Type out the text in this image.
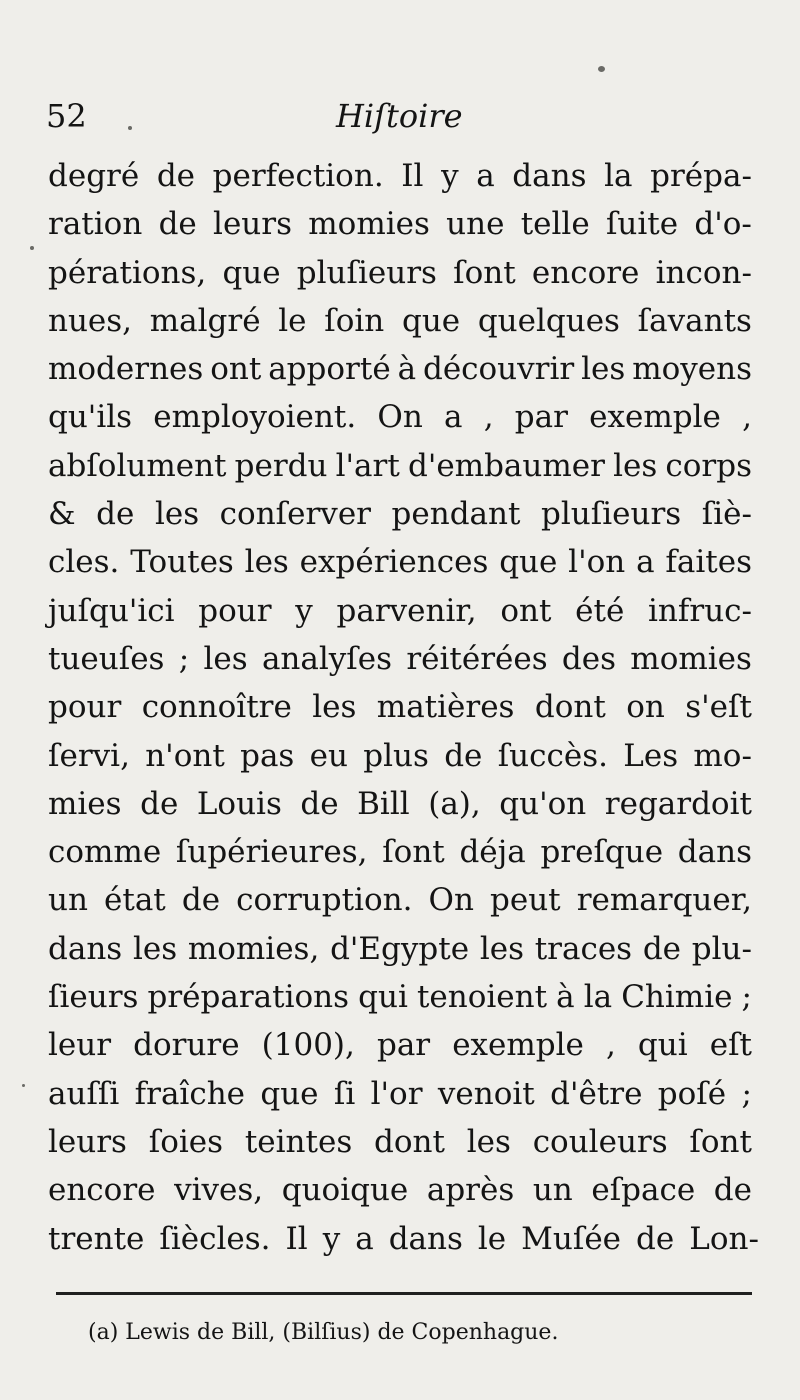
52	Hiſtoire
degré de perfection. Il y a dans la prépa-
ration de leurs momies une telle ſuite d'o-
pérations, que pluſieurs ſont encore incon-
nues, malgré le ſoin que quelques ſavants
modernes ont apporté à découvrir les moyens
qu'ils employoient. On a , par exemple ,
abſolument perdu l'art d'embaumer les corps
& de les conſerver pendant pluſieurs ſiè-
cles. Toutes les expériences que l'on a faites
juſqu'ici pour y parvenir, ont été infruc-
tueuſes ; les analyſes réitérées des momies
pour connoître les matières dont on s'eſt
ſervi, n'ont pas eu plus de ſuccès. Les mo-
mies de Louis de Bill (a), qu'on regardoit
comme ſupérieures, ſont déja preſque dans
un état de corruption. On peut remarquer,
dans les momies, d'Egypte les traces de plu-
ſieurs préparations qui tenoient à la Chimie ;
leur dorure (100), par exemple , qui eſt
auſſi fraîche que ſi l'or venoit d'être poſé ;
leurs ſoies teintes dont les couleurs ſont
encore vives, quoique après un eſpace de
trente ſiècles. Il y a dans le Muſée de Lon-
(a) Lewis de Bill, (Bilſius) de Copenhague.
